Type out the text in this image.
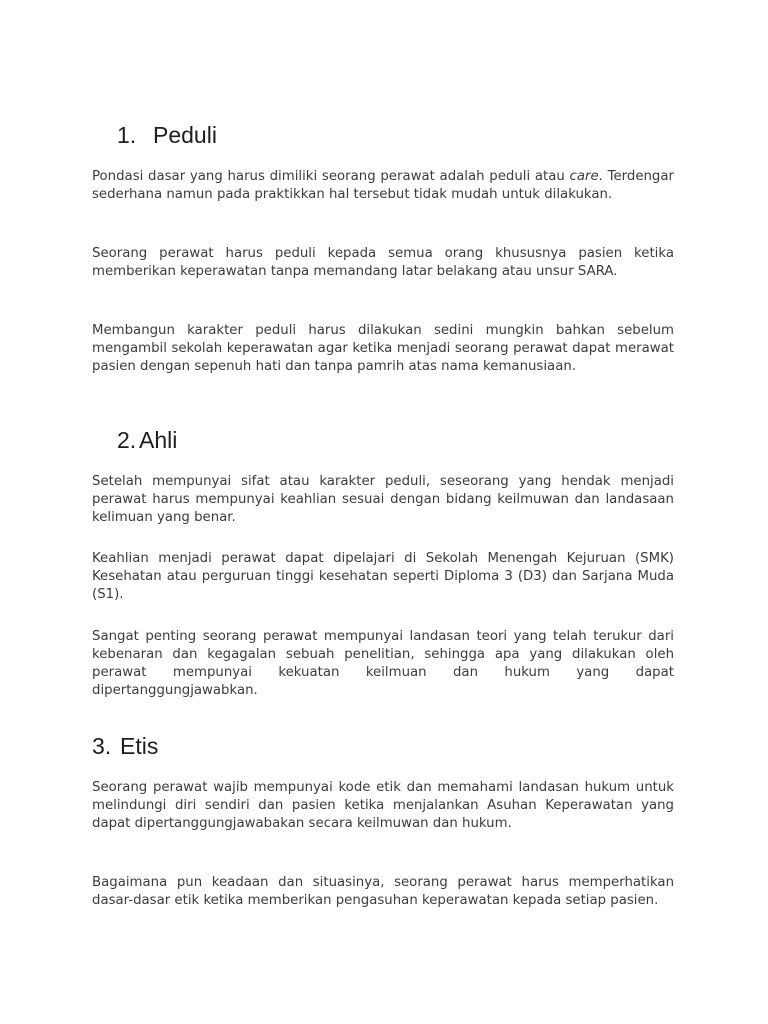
1. Peduli

Pondasi dasar yang harus dimiliki seorang perawat adalah peduli atau care. Terdengar sederhana namun pada praktikkan hal tersebut tidak mudah untuk dilakukan.

Seorang perawat harus peduli kepada semua orang khususnya pasien ketika memberikan keperawatan tanpa memandang latar belakang atau unsur SARA.

Membangun karakter peduli harus dilakukan sedini mungkin bahkan sebelum mengambil sekolah keperawatan agar ketika menjadi seorang perawat dapat merawat pasien dengan sepenuh hati dan tanpa pamrih atas nama kemanusiaan.

2. Ahli

Setelah mempunyai sifat atau karakter peduli, seseorang yang hendak menjadi perawat harus mempunyai keahlian sesuai dengan bidang keilmuwan dan landasaan kelimuan yang benar.

Keahlian menjadi perawat dapat dipelajari di Sekolah Menengah Kejuruan (SMK) Kesehatan atau perguruan tinggi kesehatan seperti Diploma 3 (D3) dan Sarjana Muda (S1).

Sangat penting seorang perawat mempunyai landasan teori yang telah terukur dari kebenaran dan kegagalan sebuah penelitian, sehingga apa yang dilakukan oleh perawat mempunyai kekuatan keilmuan dan hukum yang dapat dipertanggungjawabkan.

3. Etis

Seorang perawat wajib mempunyai kode etik dan memahami landasan hukum untuk melindungi diri sendiri dan pasien ketika menjalankan Asuhan Keperawatan yang dapat dipertanggungjawabakan secara keilmuwan dan hukum.

Bagaimana pun keadaan dan situasinya, seorang perawat harus memperhatikan dasar-dasar etik ketika memberikan pengasuhan keperawatan kepada setiap pasien.
